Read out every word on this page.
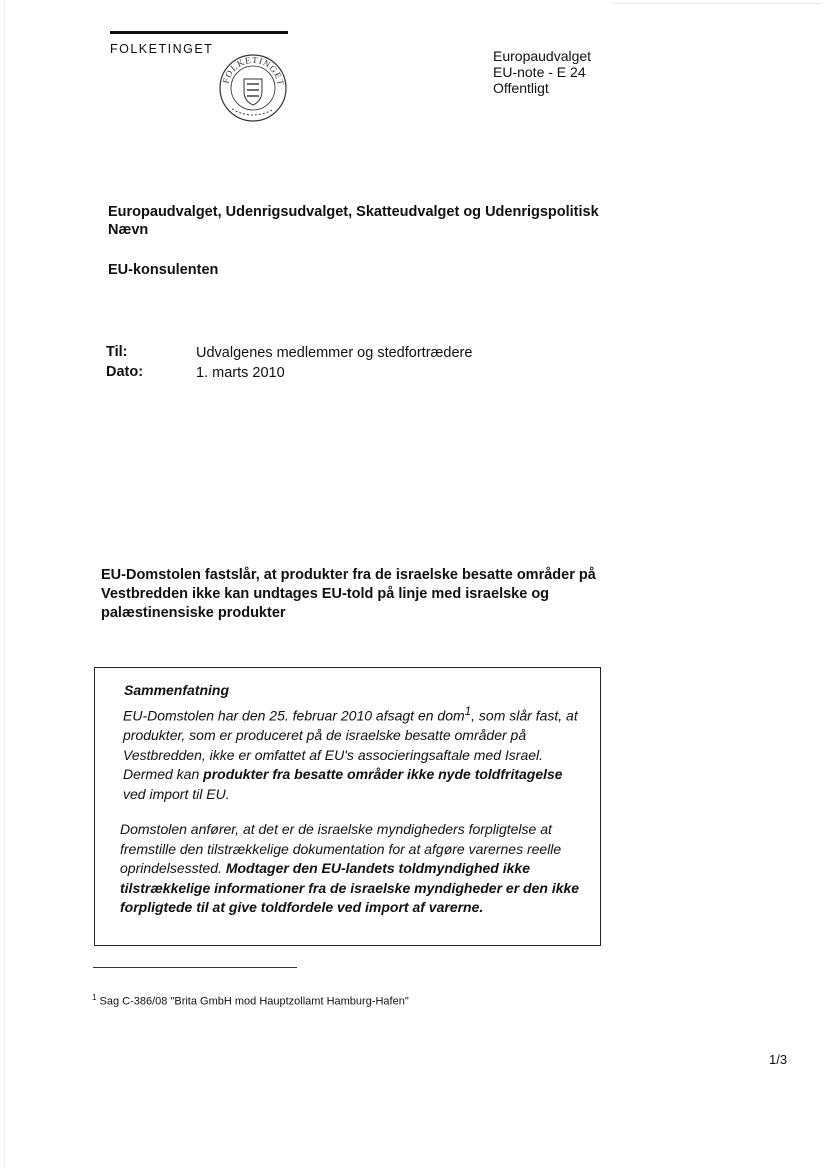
FOLKETINGET
FOLKETINGET
Europaudvalget
EU-note - E 24
Offentligt
Europaudvalget, Udenrigsudvalget, Skatteudvalget og Udenrigspolitisk Nævn
EU-konsulenten
Til:	Udvalgenes medlemmer og stedfortrædere
Dato:	1. marts 2010
EU-Domstolen fastslår, at produkter fra de israelske besatte områder på Vestbredden ikke kan undtages EU-told på linje med israelske og palæstinensiske produkter
Sammenfatning
EU-Domstolen har den 25. februar 2010 afsagt en dom$^1$, som slår fast, at produkter, som er produceret på de israelske besatte områder på Vestbredden, ikke er omfattet af EU's associeringsaftale med Israel. Dermed kan produkter fra besatte områder ikke nyde toldfritagelse ved import til EU.
Domstolen anfører, at det er de israelske myndigheders forpligtelse at fremstille den tilstrækkelige dokumentation for at afgøre varernes reelle oprindelsessted. Modtager den EU-landets toldmyndighed ikke tilstrækkelige informationer fra de israelske myndigheder er den ikke forpligtede til at give toldfordele ved import af varerne.
$^1$ Sag C-386/08 "Brita GmbH mod Hauptzollamt Hamburg-Hafen"
1/3
